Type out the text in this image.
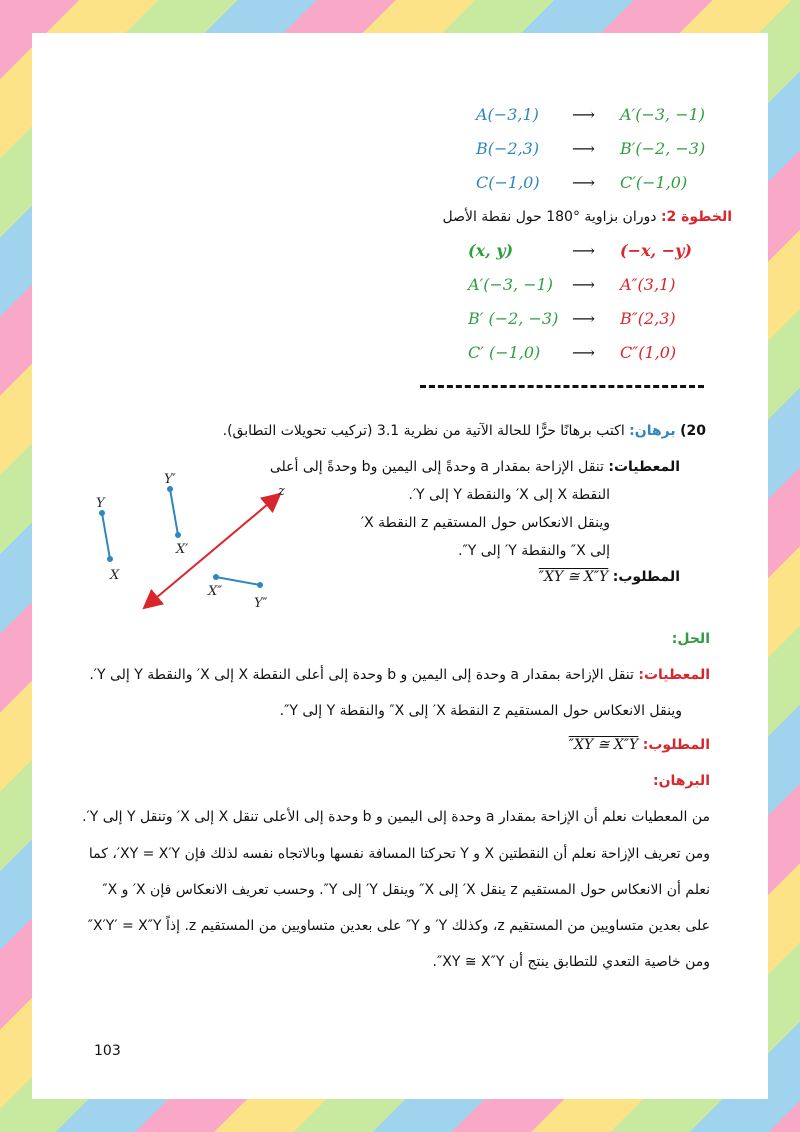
A(−3,1) ⟶ A′(−3, −1)
B(−2,3) ⟶ B′(−2, −3)
C(−1,0) ⟶ C′(−1,0)
الخطوة 2: دوران بزاوية °180 حول نقطة الأصل
(x, y)	⟶ (−x, −y)
A′(−3, −1) ⟶ A″(3,1)
B′ (−2, −3) ⟶ B″(2,3)
C′ (−1,0) ⟶ C″(1,0)
20) برهان: اكتب برهانًا حرًّا للحالة الآتية من نظرية 3.1 (تركيب تحويلات التطابق).
المعطيات: تنقل الإزاحة بمقدار a وحدةً إلى اليمين وb وحدةً إلى أعلى
النقطة X إلى X′ والنقطة Y إلى Y′.
وينقل الانعكاس حول المستقيم z النقطة X′
إلى X″ والنقطة Y′ إلى Y″.
المطلوب: XY ≅ X″Y″
Y
X
Y′
X′
X″
Y″
z
الحل:
المعطيات: تنقل الإزاحة بمقدار a وحدة إلى اليمين و b وحدة إلى أعلى النقطة X إلى X′ والنقطة Y إلى Y′.
وينقل الانعكاس حول المستقيم z النقطة X′ إلى X″ والنقطة Y إلى Y″.
المطلوب: XY ≅ X″Y″
البرهان:
من المعطيات نعلم أن الإزاحة بمقدار a وحدة إلى اليمين و b وحدة إلى الأعلى تنقل X إلى X′ وتنقل Y إلى Y′.
ومن تعريف الإزاحة نعلم أن النقطتين X و Y تحركتا المسافة نفسها وبالاتجاه نفسه لذلك فإن XY = X′Y′، كما
نعلم أن الانعكاس حول المستقيم z ينقل X′ إلى X″ وينقل Y′ إلى Y″. وحسب تعريف الانعكاس فإن X′ و X″
على بعدين متساويين من المستقيم z، وكذلك Y′ و Y″ على بعدين متساويين من المستقيم z. إذاً X′Y′ = X″Y″
ومن خاصية التعدي للتطابق ينتج أن XY ≅ X″Y″.
103
